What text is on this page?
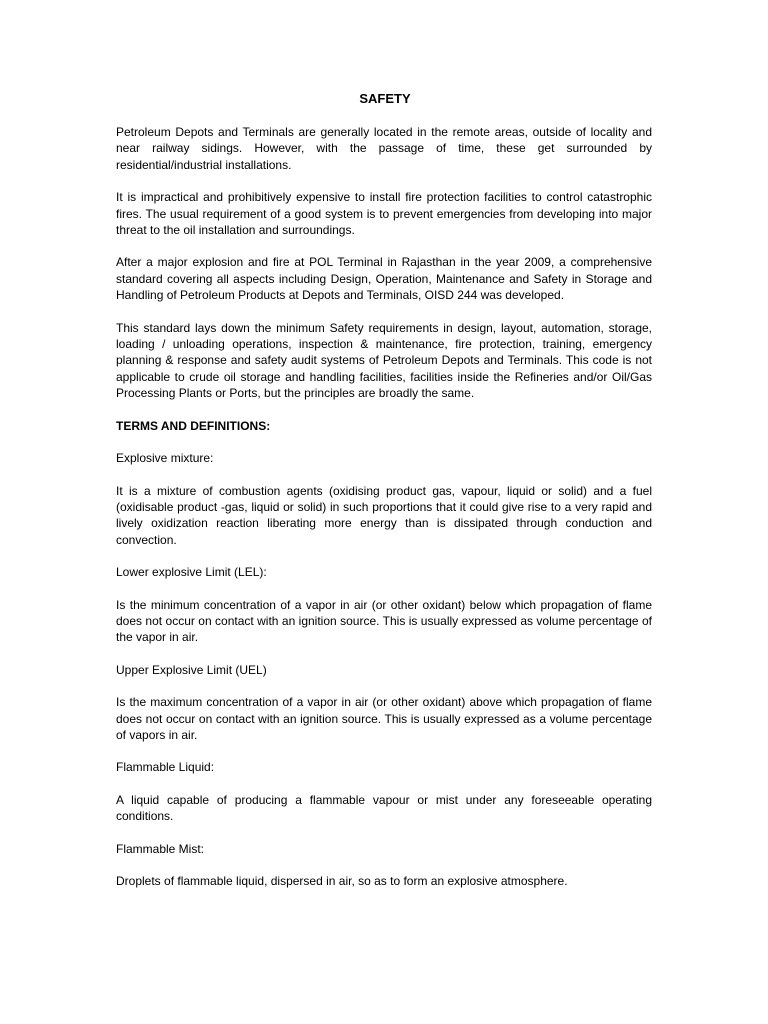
SAFETY

Petroleum Depots and Terminals are generally located in the remote areas, outside of locality and near railway sidings. However, with the passage of time, these get surrounded by residential/industrial installations.

It is impractical and prohibitively expensive to install fire protection facilities to control catastrophic fires. The usual requirement of a good system is to prevent emergencies from developing into major threat to the oil installation and surroundings.

After a major explosion and fire at POL Terminal in Rajasthan in the year 2009, a comprehensive standard covering all aspects including Design, Operation, Maintenance and Safety in Storage and Handling of Petroleum Products at Depots and Terminals, OISD 244 was developed.

This standard lays down the minimum Safety requirements in design, layout, automation, storage, loading / unloading operations, inspection & maintenance, fire protection, training, emergency planning & response and safety audit systems of Petroleum Depots and Terminals. This code is not applicable to crude oil storage and handling facilities, facilities inside the Refineries and/or Oil/Gas Processing Plants or Ports, but the principles are broadly the same.

TERMS AND DEFINITIONS:
Explosive mixture:

It is a mixture of combustion agents (oxidising product gas, vapour, liquid or solid) and a fuel (oxidisable product -gas, liquid or solid) in such proportions that it could give rise to a very rapid and lively oxidization reaction liberating more energy than is dissipated through conduction and convection.

Lower explosive Limit (LEL):

Is the minimum concentration of a vapor in air (or other oxidant) below which propagation of flame does not occur on contact with an ignition source. This is usually expressed as volume percentage of the vapor in air.

Upper Explosive Limit (UEL)

Is the maximum concentration of a vapor in air (or other oxidant) above which propagation of flame does not occur on contact with an ignition source. This is usually expressed as a volume percentage of vapors in air.

Flammable Liquid:

A liquid capable of producing a flammable vapour or mist under any foreseeable operating conditions.

Flammable Mist:

Droplets of flammable liquid, dispersed in air, so as to form an explosive atmosphere.
